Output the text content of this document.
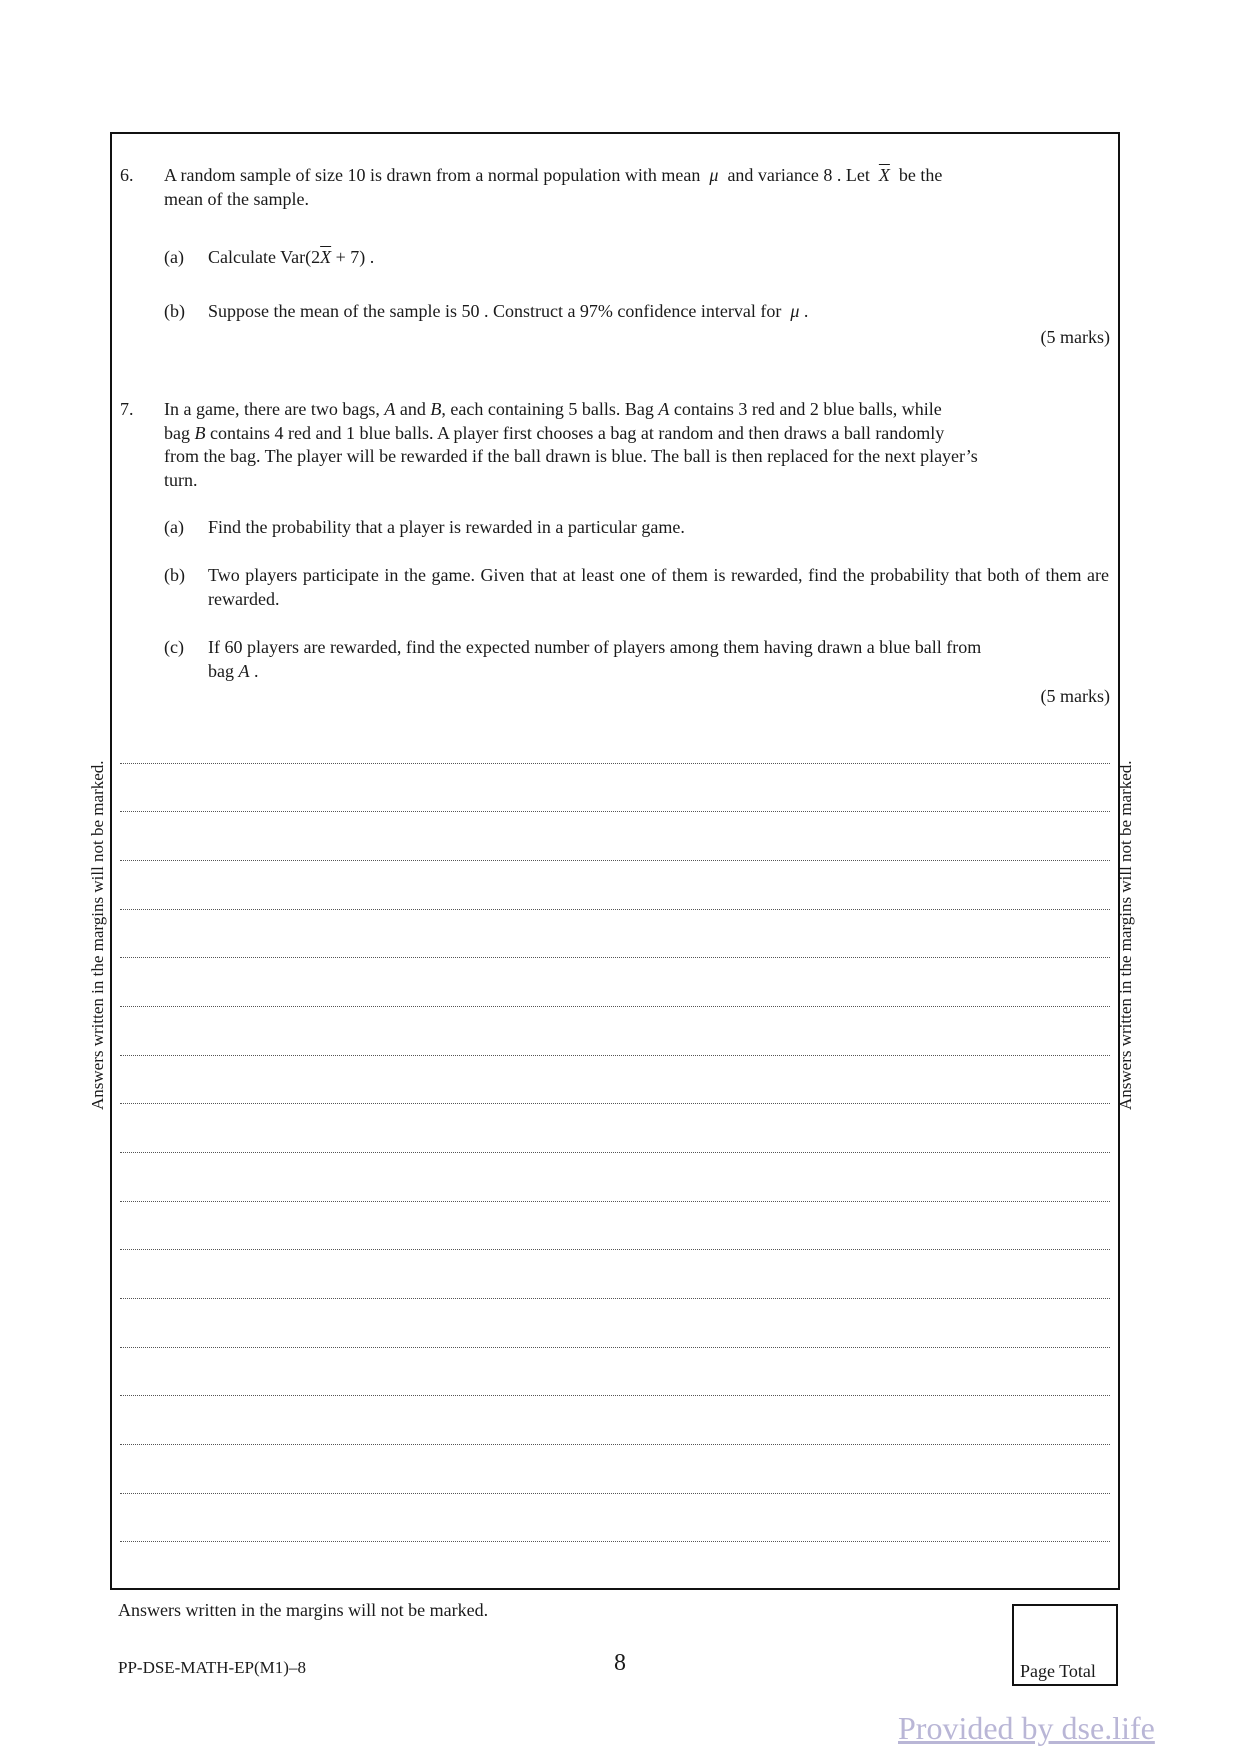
Answers written in the margins will not be marked.	Answers written in the margins will not be marked.
6. A random sample of size 10 is drawn from a normal population with mean μ and variance 8 . Let $\overline{X}$ be the
mean of the sample.
(a) Calculate $Var(2\overline{X} + 7)$ .
(b) Suppose the mean of the sample is 50 . Construct a 97% confidence interval for μ .
(5 marks)
7. In a game, there are two bags, A and B, each containing 5 balls. Bag A contains 3 red and 2 blue balls, while
bag B contains 4 red and 1 blue balls. A player first chooses a bag at random and then draws a ball randomly
from the bag. The player will be rewarded if the ball drawn is blue. The ball is then replaced for the next player’s
turn.
(a) Find the probability that a player is rewarded in a particular game.
(b) Two players participate in the game. Given that at least one of them is rewarded, find the probability that both of them are rewarded.
(c) If 60 players are rewarded, find the expected number of players among them having drawn a blue ball from
bag A .
(5 marks)
Answers written in the margins will not be marked.
PP-DSE-MATH-EP(M1)–8	8	Page Total
Provided by dse.life
